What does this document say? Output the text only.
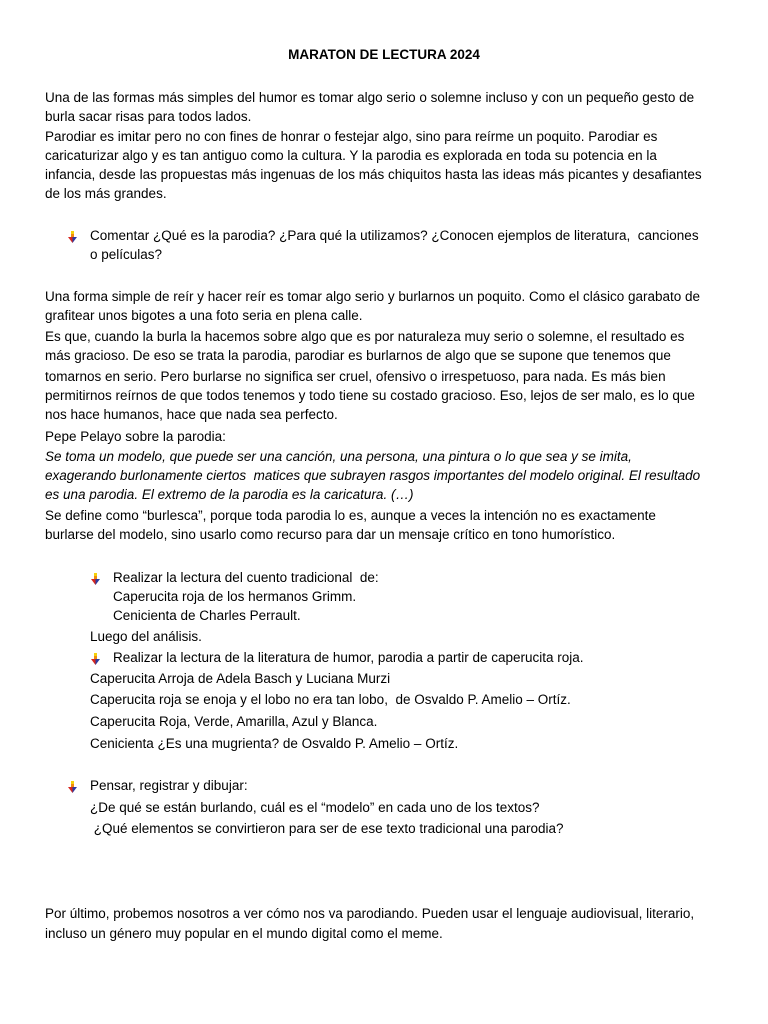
MARATON DE LECTURA 2024
Una de las formas más simples del humor es tomar algo serio o solemne incluso y con un pequeño gesto de
burla sacar risas para todos lados.
Parodiar es imitar pero no con fines de honrar o festejar algo, sino para reírme un poquito. Parodiar es
caricaturizar algo y es tan antiguo como la cultura. Y la parodia es explorada en toda su potencia en la
infancia, desde las propuestas más ingenuas de los más chiquitos hasta las ideas más picantes y desafiantes
de los más grandes.
Comentar ¿Qué es la parodia? ¿Para qué la utilizamos? ¿Conocen ejemplos de literatura,  canciones
o películas?
Una forma simple de reír y hacer reír es tomar algo serio y burlarnos un poquito. Como el clásico garabato de
grafitear unos bigotes a una foto seria en plena calle.
Es que, cuando la burla la hacemos sobre algo que es por naturaleza muy serio o solemne, el resultado es
más gracioso. De eso se trata la parodia, parodiar es burlarnos de algo que se supone que tenemos que
tomarnos en serio. Pero burlarse no significa ser cruel, ofensivo o irrespetuoso, para nada. Es más bien
permitirnos reírnos de que todos tenemos y todo tiene su costado gracioso. Eso, lejos de ser malo, es lo que
nos hace humanos, hace que nada sea perfecto.
Pepe Pelayo sobre la parodia:
Se toma un modelo, que puede ser una canción, una persona, una pintura o lo que sea y se imita,
exagerando burlonamente ciertos  matices que subrayen rasgos importantes del modelo original. El resultado
es una parodia. El extremo de la parodia es la caricatura. (…)
Se define como “burlesca”, porque toda parodia lo es, aunque a veces la intención no es exactamente
burlarse del modelo, sino usarlo como recurso para dar un mensaje crítico en tono humorístico.
Realizar la lectura del cuento tradicional  de:
Caperucita roja de los hermanos Grimm.
Cenicienta de Charles Perrault.
Luego del análisis.
Realizar la lectura de la literatura de humor, parodia a partir de caperucita roja.
Caperucita Arroja de Adela Basch y Luciana Murzi
Caperucita roja se enoja y el lobo no era tan lobo,  de Osvaldo P. Amelio – Ortíz.
Caperucita Roja, Verde, Amarilla, Azul y Blanca.
Cenicienta ¿Es una mugrienta? de Osvaldo P. Amelio – Ortíz.
Pensar, registrar y dibujar:
¿De qué se están burlando, cuál es el “modelo” en cada uno de los textos?
¿Qué elementos se convirtieron para ser de ese texto tradicional una parodia?
Por último, probemos nosotros a ver cómo nos va parodiando. Pueden usar el lenguaje audiovisual, literario,
incluso un género muy popular en el mundo digital como el meme.
